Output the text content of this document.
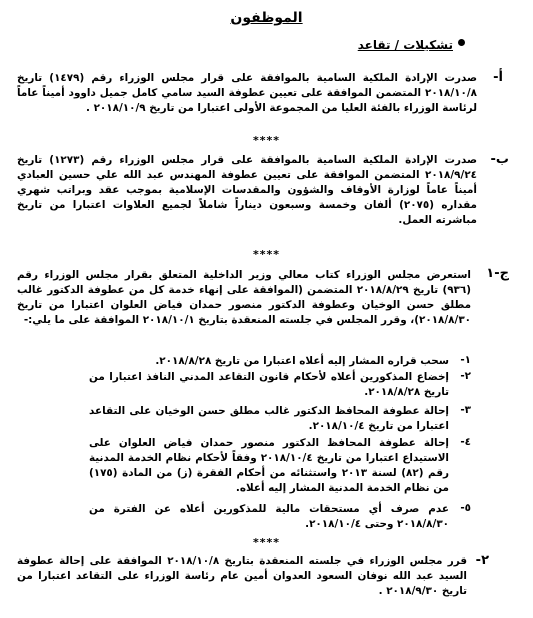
الموظفون
تشكيلات / تقاعد
أ-
صدرت الإرادة الملكية السامية بالموافقة على قرار مجلس الوزراء رقم (١٤٧٩) تاريخ ٢٠١٨/١٠/٨ المتضمن الموافقة على تعيين عطوفة السيد سامي كامل جميل داوود أميناً عاماً لرئاسة الوزراء بالفئة العليا من المجموعة الأولى اعتبارا من تاريخ ٢٠١٨/١٠/٩ .
****
ب-
صدرت الإرادة الملكية السامية بالموافقة على قرار مجلس الوزراء رقم (١٢٧٣) تاريخ ٢٠١٨/٩/٢٤ المتضمن الموافقة على تعيين عطوفة المهندس عبد الله علي حسين العبادي أميناً عاماً لوزارة الأوقاف والشؤون والمقدسات الإسلامية بموجب عقد وبراتب شهري مقداره (٢٠٧٥) ألفان وخمسة وسبعون ديناراً شاملاً لجميع العلاوات اعتبارا من تاريخ مباشرته العمل.
****
ج-١
استعرض مجلس الوزراء كتاب معالي وزير الداخلية المتعلق بقرار مجلس الوزراء رقم (٩٣٦) تاريخ ٢٠١٨/٨/٢٩ المتضمن (الموافقة على إنهاء خدمة كل من عطوفة الدكتور غالب مطلق حسن الوخيان وعطوفة الدكتور منصور حمدان فياض العلوان اعتبارا من تاريخ ٢٠١٨/٨/٣٠)، وقرر المجلس في جلسته المنعقدة بتاريخ ٢٠١٨/١٠/١ الموافقة على ما يلي:-
١-
سحب قراره المشار إليه أعلاه اعتبارا من تاريخ ٢٠١٨/٨/٢٨.
٢-
إخضاع المذكورين أعلاه لأحكام قانون التقاعد المدني النافذ اعتبارا من تاريخ ٢٠١٨/٨/٢٨.
٣-
إحالة عطوفة المحافظ الدكتور غالب مطلق حسن الوخيان على التقاعد اعتبارا من تاريخ ٢٠١٨/١٠/٤.
٤-
إحالة عطوفة المحافظ الدكتور منصور حمدان فياض العلوان على الاستيداع اعتبارا من تاريخ ٢٠١٨/١٠/٤ وفقاً لأحكام نظام الخدمة المدنية رقم (٨٢) لسنة ٢٠١٣ واستثنائه من أحكام الفقرة (ز) من المادة (١٧٥) من نظام الخدمة المدنية المشار إليه أعلاه.
٥-
عدم صرف أي مستحقات مالية للمذكورين أعلاه عن الفترة من ٢٠١٨/٨/٣٠ وحتى ٢٠١٨/١٠/٤.
****
٢-
قرر مجلس الوزراء في جلسته المنعقدة بتاريخ ٢٠١٨/١٠/٨ الموافقة على إحالة عطوفة السيد عبد الله نوفان السعود العدوان أمين عام رئاسة الوزراء على التقاعد اعتبارا من تاريخ ٢٠١٨/٩/٣٠ .
